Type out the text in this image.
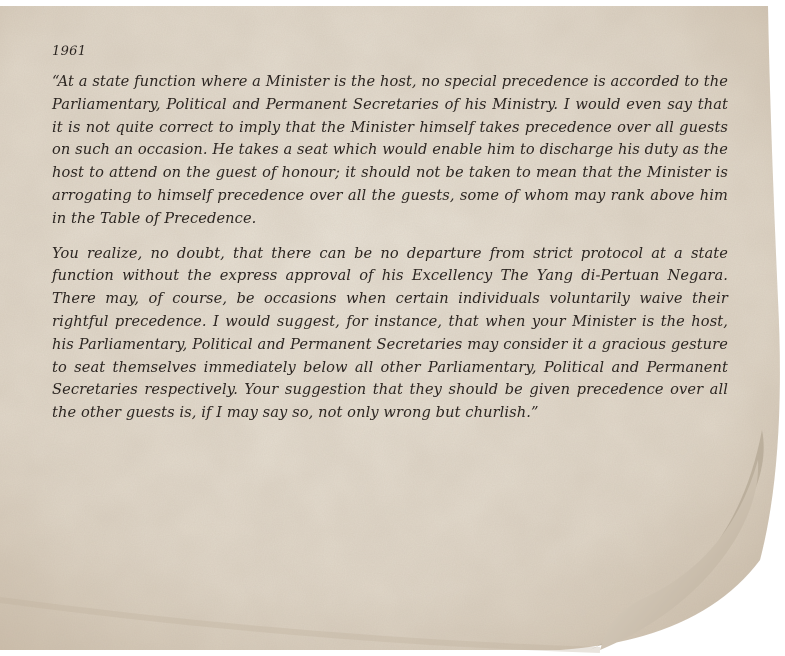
1961

“At a state function where a Minister is the host, no special precedence is accorded to the Parliamentary, Political and Permanent Secretaries of his Ministry. I would even say that it is not quite correct to imply that the Minister himself takes precedence over all guests on such an occasion. He takes a seat which would enable him to discharge his duty as the host to attend on the guest of honour; it should not be taken to mean that the Minister is arrogating to himself precedence over all the guests, some of whom may rank above him in the Table of Precedence.

You realize, no doubt, that there can be no departure from strict protocol at a state function without the express approval of his Excellency The Yang di-Pertuan Negara. There may, of course, be occasions when certain individuals voluntarily waive their rightful precedence. I would suggest, for instance, that when your Minister is the host, his Parliamentary, Political and Permanent Secretaries may consider it a gracious gesture to seat themselves immediately below all other Parliamentary, Political and Permanent Secretaries respectively. Your suggestion that they should be given precedence over all the other guests is, if I may say so, not only wrong but churlish.”
